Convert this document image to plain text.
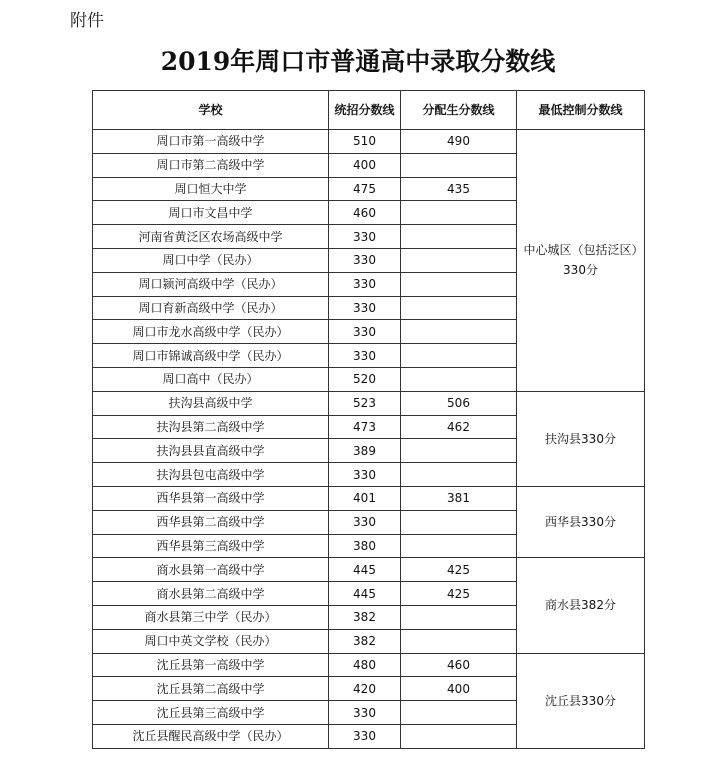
附件
2019年周口市普通高中录取分数线
学校	统招分数线	分配生分数线	最低控制分数线
周口市第一高级中学	510	490	中心城区（包括泛区）330分
周口市第二高级中学	400		
周口恒大中学	475	435	
周口市文昌中学	460		
河南省黄泛区农场高级中学	330		
周口中学（民办）	330		
周口颍河高级中学（民办）	330		
周口育新高级中学（民办）	330		
周口市龙水高级中学（民办）	330		
周口市锦诚高级中学（民办）	330		
周口高中（民办）	520		
扶沟县高级中学	523	506	扶沟县330分
扶沟县第二高级中学	473	462	
扶沟县县直高级中学	389		
扶沟县包屯高级中学	330		
西华县第一高级中学	401	381	西华县330分
西华县第二高级中学	330		
西华县第三高级中学	380		
商水县第一高级中学	445	425	商水县382分
商水县第二高级中学	445	425	
商水县第三中学（民办）	382		
周口中英文学校（民办）	382		
沈丘县第一高级中学	480	460	沈丘县330分
沈丘县第二高级中学	420	400	
沈丘县第三高级中学	330		
沈丘县醒民高级中学（民办）	330		
